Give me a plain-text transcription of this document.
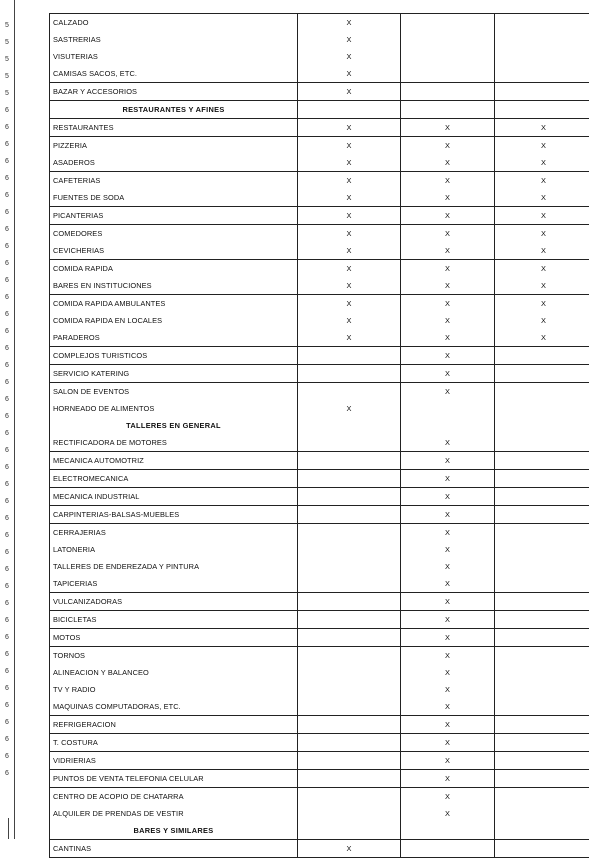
5
5
5
5
5
6
6
6
6
6
6
6
6
6
6
6
6
6
6
6
6
6
6
6
6
6
6
6
6
6
6
6
6
6
6
6
6
6
6
6
6
6
6
6
6
CALZADO	X		
SASTRERIAS	X		
VISUTERIAS	X		
CAMISAS SACOS, ETC.	X		
BAZAR Y ACCESORIOS	X		
RESTAURANTES Y AFINES			
RESTAURANTES	X	X	X
PIZZERIA	X	X	X
ASADEROS	X	X	X
CAFETERIAS	X	X	X
FUENTES DE SODA	X	X	X
PICANTERIAS	X	X	X
COMEDORES	X	X	X
CEVICHERIAS	X	X	X
COMIDA RAPIDA	X	X	X
BARES EN INSTITUCIONES	X	X	X
COMIDA RAPIDA AMBULANTES	X	X	X
COMIDA RAPIDA EN LOCALES	X	X	X
PARADEROS	X	X	X
COMPLEJOS TURISTICOS		X	
SERVICIO KATERING		X	
SALON DE EVENTOS		X	
HORNEADO DE ALIMENTOS	X		
TALLERES EN GENERAL			
RECTIFICADORA DE MOTORES		X	
MECANICA AUTOMOTRIZ		X	
ELECTROMECANICA		X	
MECANICA INDUSTRIAL		X	
CARPINTERIAS-BALSAS-MUEBLES		X	
CERRAJERIAS		X	
LATONERIA		X	
TALLERES DE ENDEREZADA Y PINTURA		X	
TAPICERIAS		X	
VULCANIZADORAS		X	
BICICLETAS		X	
MOTOS		X	
TORNOS		X	
ALINEACION Y BALANCEO		X	
TV Y RADIO		X	
MAQUINAS COMPUTADORAS, ETC.		X	
REFRIGERACION		X	
T. COSTURA		X	
VIDRIERIAS		X	
PUNTOS DE VENTA TELEFONIA CELULAR		X	
CENTRO DE ACOPIO DE CHATARRA		X	
ALQUILER DE PRENDAS DE VESTIR		X	
BARES Y SIMILARES			
CANTINAS	X		
